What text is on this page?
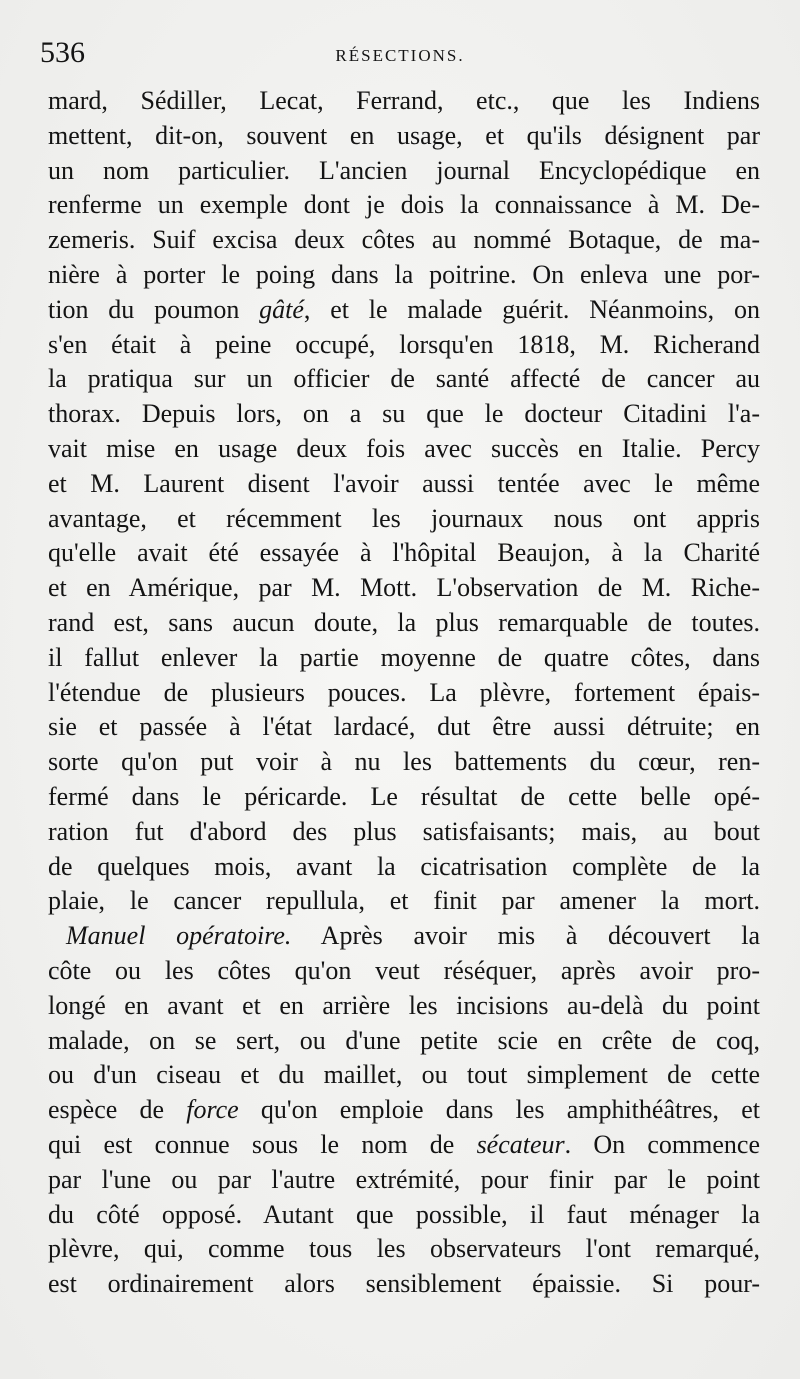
536	RÉSECTIONS.
mard, Sédiller, Lecat, Ferrand, etc., que les Indiens
mettent, dit-on, souvent en usage, et qu'ils désignent par
un nom particulier. L'ancien journal Encyclopédique en
renferme un exemple dont je dois la connaissance à M. De-
zemeris. Suif excisa deux côtes au nommé Botaque, de ma-
nière à porter le poing dans la poitrine. On enleva une por-
tion du poumon gâté, et le malade guérit. Néanmoins, on
s'en était à peine occupé, lorsqu'en 1818, M. Richerand
la pratiqua sur un officier de santé affecté de cancer au
thorax. Depuis lors, on a su que le docteur Citadini l'a-
vait mise en usage deux fois avec succès en Italie. Percy
et M. Laurent disent l'avoir aussi tentée avec le même
avantage, et récemment les journaux nous ont appris
qu'elle avait été essayée à l'hôpital Beaujon, à la Charité
et en Amérique, par M. Mott. L'observation de M. Riche-
rand est, sans aucun doute, la plus remarquable de toutes.
il fallut enlever la partie moyenne de quatre côtes, dans
l'étendue de plusieurs pouces. La plèvre, fortement épais-
sie et passée à l'état lardacé, dut être aussi détruite; en
sorte qu'on put voir à nu les battements du cœur, ren-
fermé dans le péricarde. Le résultat de cette belle opé-
ration fut d'abord des plus satisfaisants; mais, au bout
de quelques mois, avant la cicatrisation complète de la
plaie, le cancer repullula, et finit par amener la mort.
Manuel opératoire. Après avoir mis à découvert la
côte ou les côtes qu'on veut réséquer, après avoir pro-
longé en avant et en arrière les incisions au-delà du point
malade, on se sert, ou d'une petite scie en crête de coq,
ou d'un ciseau et du maillet, ou tout simplement de cette
espèce de force qu'on emploie dans les amphithéâtres, et
qui est connue sous le nom de sécateur. On commence
par l'une ou par l'autre extrémité, pour finir par le point
du côté opposé. Autant que possible, il faut ménager la
plèvre, qui, comme tous les observateurs l'ont remarqué,
est ordinairement alors sensiblement épaissie. Si pour-
